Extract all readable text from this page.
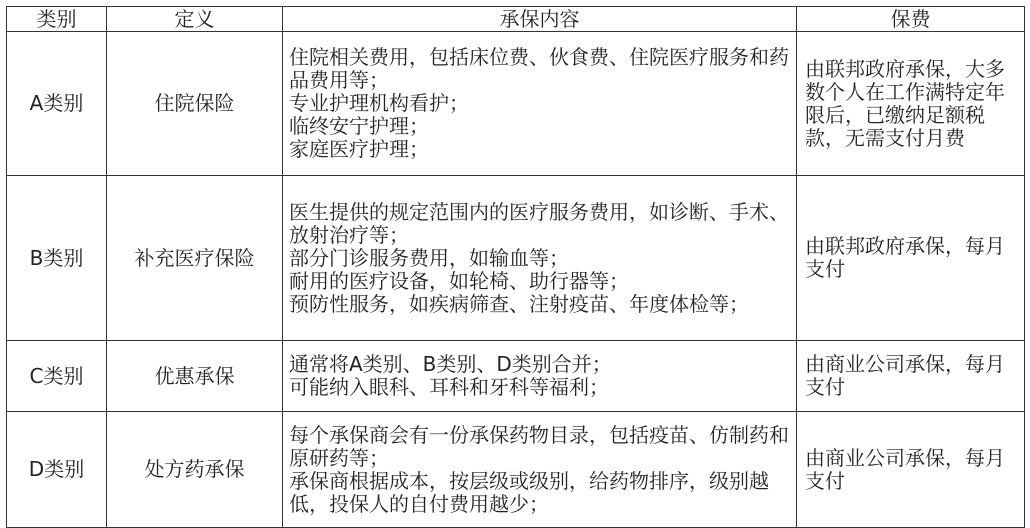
类别	定义	承保内容	保费
A类别	住院保险	住院相关费用，包括床位费、伙食费、住院医疗服务和药品费用等；
专业护理机构看护；
临终安宁护理；
家庭医疗护理；	由联邦政府承保，大多数个人在工作满特定年限后，已缴纳足额税款，无需支付月费
B类别	补充医疗保险	医生提供的规定范围内的医疗服务费用，如诊断、手术、放射治疗等；
部分门诊服务费用，如输血等；
耐用的医疗设备，如轮椅、助行器等；
预防性服务，如疾病筛查、注射疫苗、年度体检等；	由联邦政府承保，每月支付
C类别	优惠承保	通常将A类别、B类别、D类别合并；
可能纳入眼科、耳科和牙科等福利；	由商业公司承保，每月支付
D类别	处方药承保	每个承保商会有一份承保药物目录，包括疫苗、仿制药和原研药等；
承保商根据成本，按层级或级别，给药物排序，级别越低，投保人的自付费用越少；	由商业公司承保，每月支付
